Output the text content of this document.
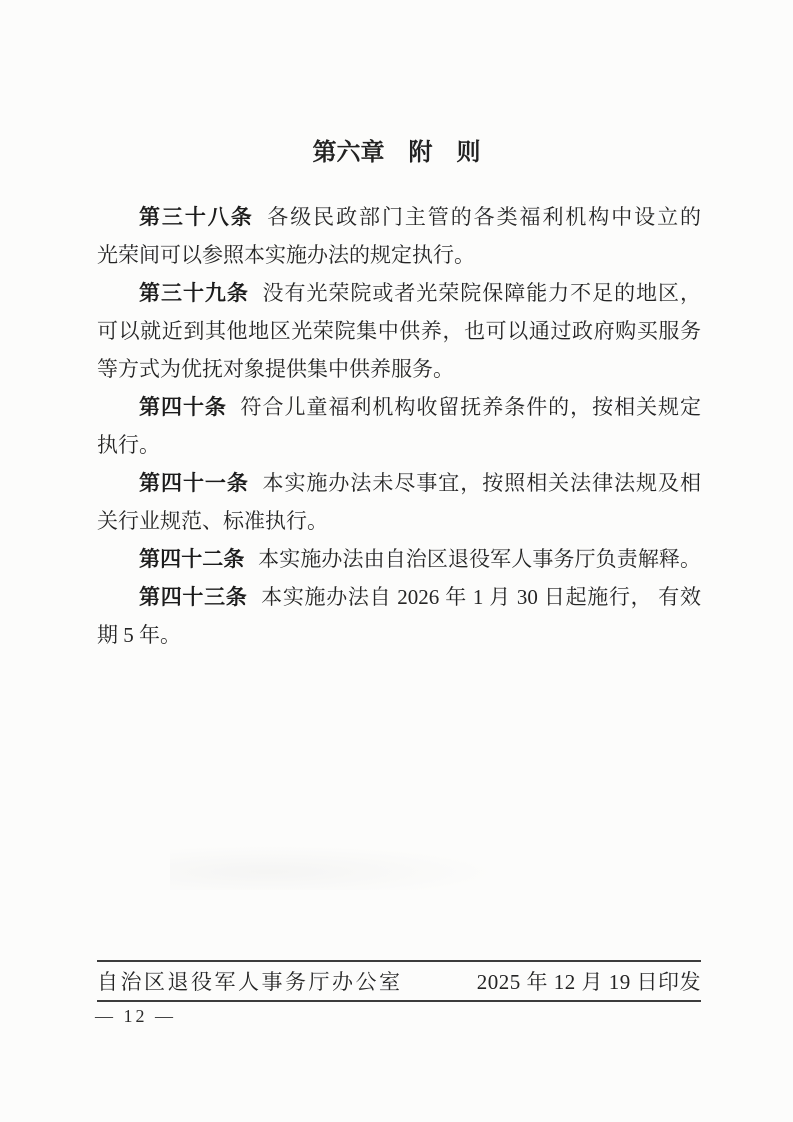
第六章　附　则
第三十八条 各级民政部门主管的各类福利机构中设立的
光荣间可以参照本实施办法的规定执行。
第三十九条 没有光荣院或者光荣院保障能力不足的地区，
可以就近到其他地区光荣院集中供养，也可以通过政府购买服务
等方式为优抚对象提供集中供养服务。
第四十条 符合儿童福利机构收留抚养条件的，按相关规定
执行。
第四十一条 本实施办法未尽事宜，按照相关法律法规及相
关行业规范、标准执行。
第四十二条 本实施办法由自治区退役军人事务厅负责解释。
第四十三条 本实施办法自 2026 年 1 月 30 日起施行， 有效
期 5 年。
自治区退役军人事务厅办公室	2025 年 12 月 19 日印发
— 12 —
